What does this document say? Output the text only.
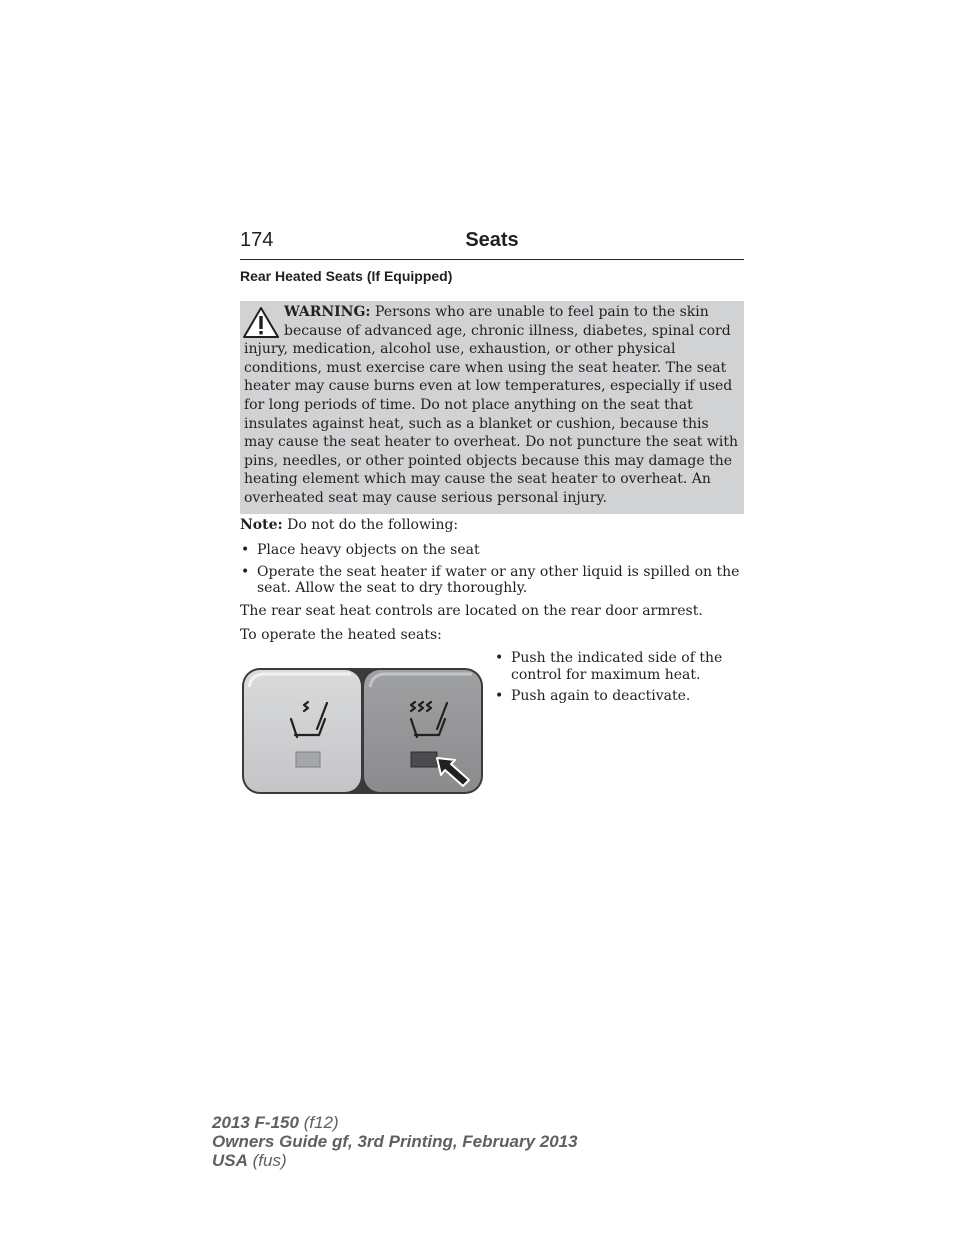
174	Seats
Rear Heated Seats (If Equipped)

WARNING: Persons who are unable to feel pain to the skin because of advanced age, chronic illness, diabetes, spinal cord injury, medication, alcohol use, exhaustion, or other physical conditions, must exercise care when using the seat heater. The seat heater may cause burns even at low temperatures, especially if used for long periods of time. Do not place anything on the seat that insulates against heat, such as a blanket or cushion, because this may cause the seat heater to overheat. Do not puncture the seat with pins, needles, or other pointed objects because this may damage the heating element which may cause the seat heater to overheat. An overheated seat may cause serious personal injury.

Note: Do not do the following:

• Place heavy objects on the seat
• Operate the seat heater if water or any other liquid is spilled on the seat. Allow the seat to dry thoroughly.

The rear seat heat controls are located on the rear door armrest.

To operate the heated seats:

• Push the indicated side of the control for maximum heat.
• Push again to deactivate.
2013 F-150 (f12)
Owners Guide gf, 3rd Printing, February 2013
USA (fus)
